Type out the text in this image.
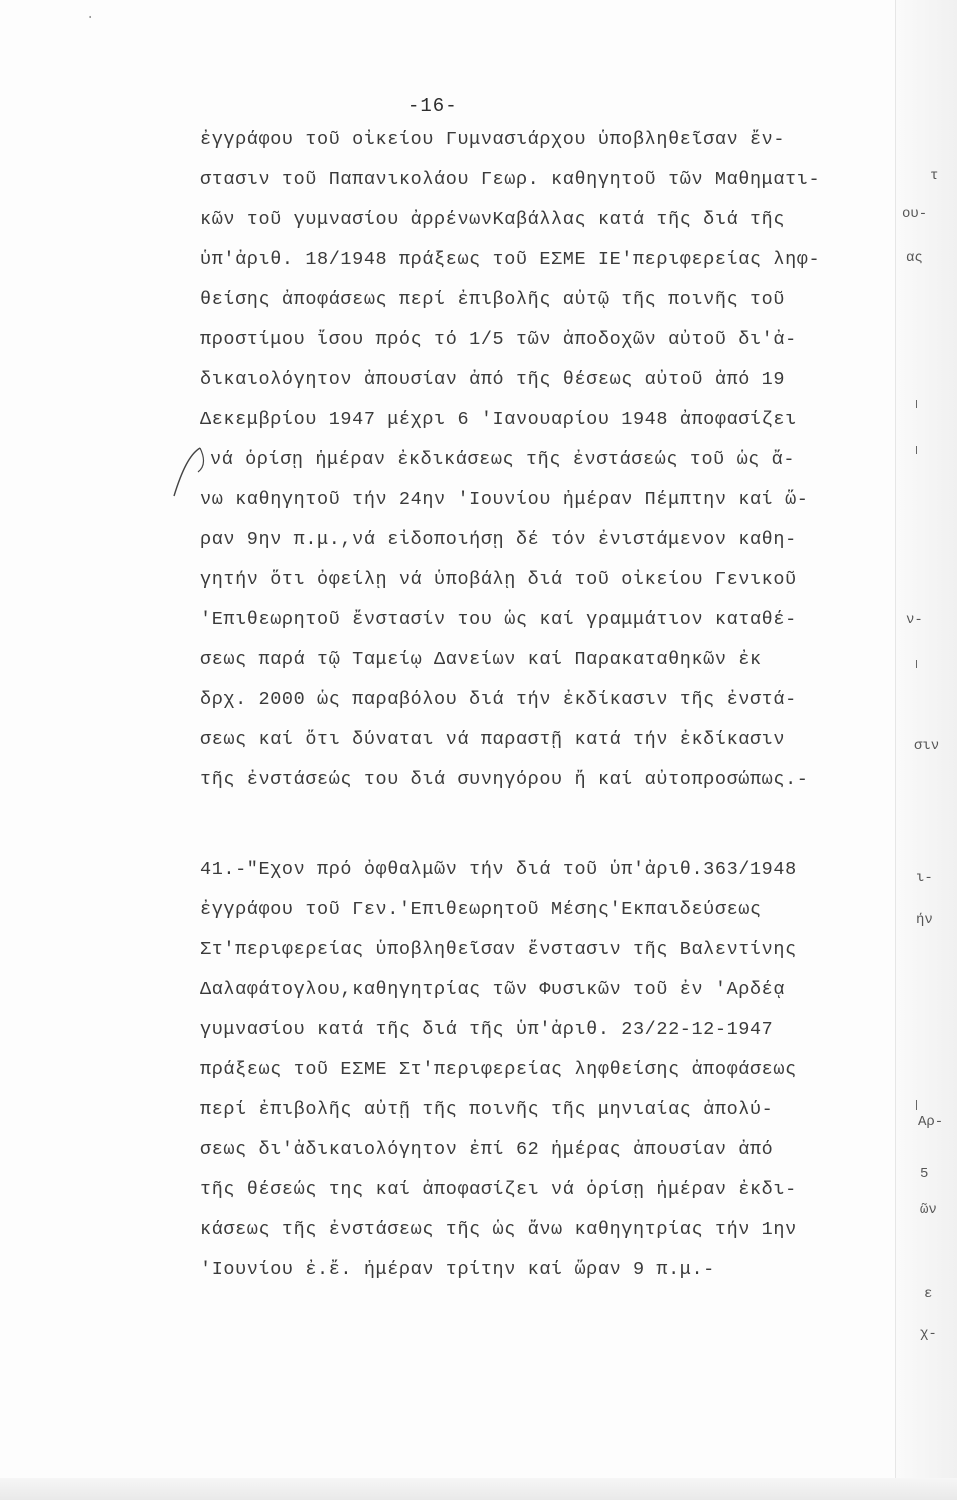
·
-16-
ἐγγράφου τοῦ οἰκείου Γυμνασιάρχου ὑποβληθεῖσαν ἔν-
στασιν τοῦ Παπανικολάου Γεωρ. καθηγητοῦ τῶν Μαθηματι-
κῶν τοῦ γυμνασίου ἀρρένωνΚαβάλλας κατά τῆς διά τῆς
ὑπ'ἀριθ. 18/1948 πράξεως τοῦ ΕΣΜΕ ΙΕ'περιφερείας ληφ-
θείσης ἀποφάσεως περί ἐπιβολῆς αὐτῷ τῆς ποινῆς τοῦ
προστίμου ἴσου πρός τό 1/5 τῶν ἀποδοχῶν αὐτοῦ δι'ἀ-
δικαιολόγητον ἀπουσίαν ἀπό τῆς θέσεως αὐτοῦ ἀπό 19
Δεκεμβρίου 1947 μέχρι 6 'Ιανουαρίου 1948 ἀποφασίζει
νά ὁρίσῃ ἡμέραν ἐκδικάσεως τῆς ἐνστάσεώς τοῦ ὡς ἄ-
νω καθηγητοῦ τήν 24ην 'Ιουνίου ἡμέραν Πέμπτην καί ὥ-
ραν 9ην π.μ.,νά εἰδοποιήσῃ δέ τόν ἐνιστάμενον καθη-
γητήν ὅτι ὀφείλῃ νά ὑποβάλῃ διά τοῦ οἰκείου Γενικοῦ
'Επιθεωρητοῦ ἔνστασίν του ὡς καί γραμμάτιον καταθέ-
σεως παρά τῷ Ταμείῳ Δανείων καί Παρακαταθηκῶν ἐκ
δρχ. 2000 ὡς παραβόλου διά τήν ἐκδίκασιν τῆς ἐνστά-
σεως καί ὅτι δύναται νά παραστῇ κατά τήν ἐκδίκασιν
τῆς ἐνστάσεώς του διά συνηγόρου ἤ καί αὐτοπροσώπως.-
41.-"Εχον πρό ὀφθαλμῶν τήν διά τοῦ ὑπ'ἀριθ.363/1948
ἐγγράφου τοῦ Γεν.'Επιθεωρητοῦ Μέσης'Εκπαιδεύσεως
Στ'περιφερείας ὑποβληθεῖσαν ἔνστασιν τῆς Βαλεντίνης
Δαλαφάτογλου,καθηγητρίας τῶν Φυσικῶν τοῦ ἐν 'Αρδέᾳ
γυμνασίου κατά τῆς διά τῆς ὑπ'ἀριθ. 23/22-12-1947
πράξεως τοῦ ΕΣΜΕ Στ'περιφερείας ληφθείσης ἀποφάσεως
περί ἐπιβολῆς αὐτῇ τῆς ποινῆς τῆς μηνιαίας ἀπολύ-
σεως δι'ἀδικαιολόγητον ἐπί 62 ἡμέρας ἀπουσίαν ἀπό
τῆς θέσεώς της καί ἀποφασίζει νά ὁρίσῃ ἡμέραν ἐκδι-
κάσεως τῆς ἐνστάσεως τῆς ὡς ἄνω καθηγητρίας τήν 1ην
'Ιουνίου ἐ.ἔ. ἡμέραν τρίτην καί ὥραν 9 π.μ.-
τ
ου-
ας
ν-
σιν
ι-
ήν
Αρ-
5
ῶν
ε
χ-
